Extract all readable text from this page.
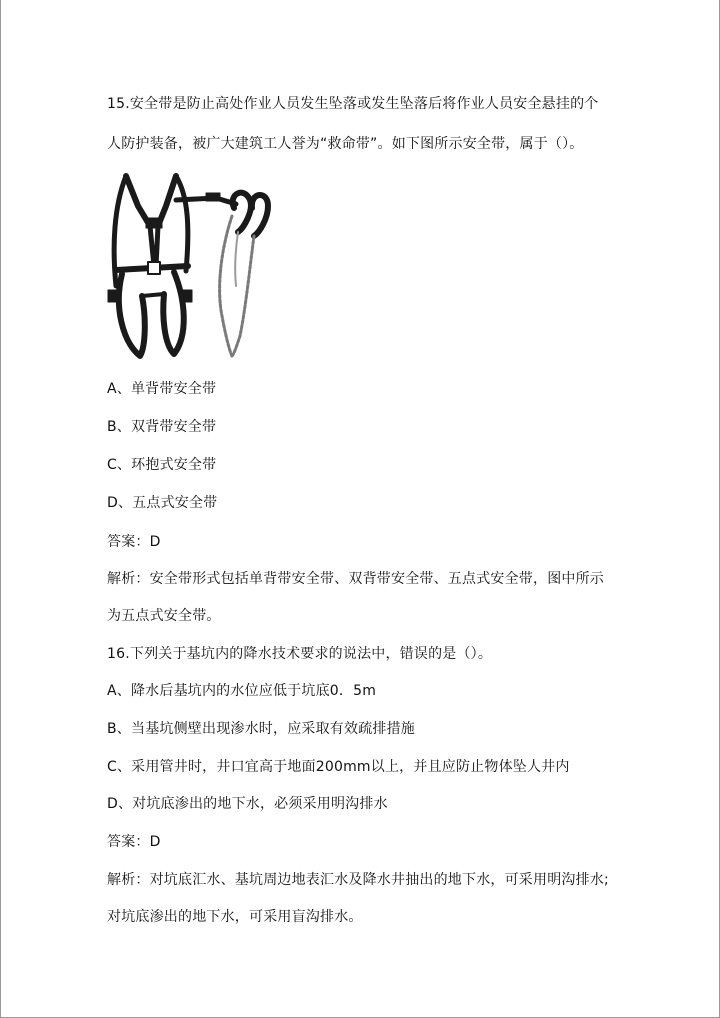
15.安全带是防止高处作业人员发生坠落或发生坠落后将作业人员安全悬挂的个
人防护装备，被广大建筑工人誉为“救命带”。如下图所示安全带，属于（）。
A、单背带安全带
B、双背带安全带
C、环抱式安全带
D、五点式安全带
答案：D
解析：安全带形式包括单背带安全带、双背带安全带、五点式安全带，图中所示
为五点式安全带。
16.下列关于基坑内的降水技术要求的说法中，错误的是（）。
A、降水后基坑内的水位应低于坑底0．5m
B、当基坑侧壁出现渗水时，应采取有效疏排措施
C、采用管井时，井口宜高于地面200mm以上，并且应防止物体坠人井内
D、对坑底渗出的地下水，必须采用明沟排水
答案：D
解析：对坑底汇水、基坑周边地表汇水及降水井抽出的地下水，可采用明沟排水;
对坑底渗出的地下水，可采用盲沟排水。
